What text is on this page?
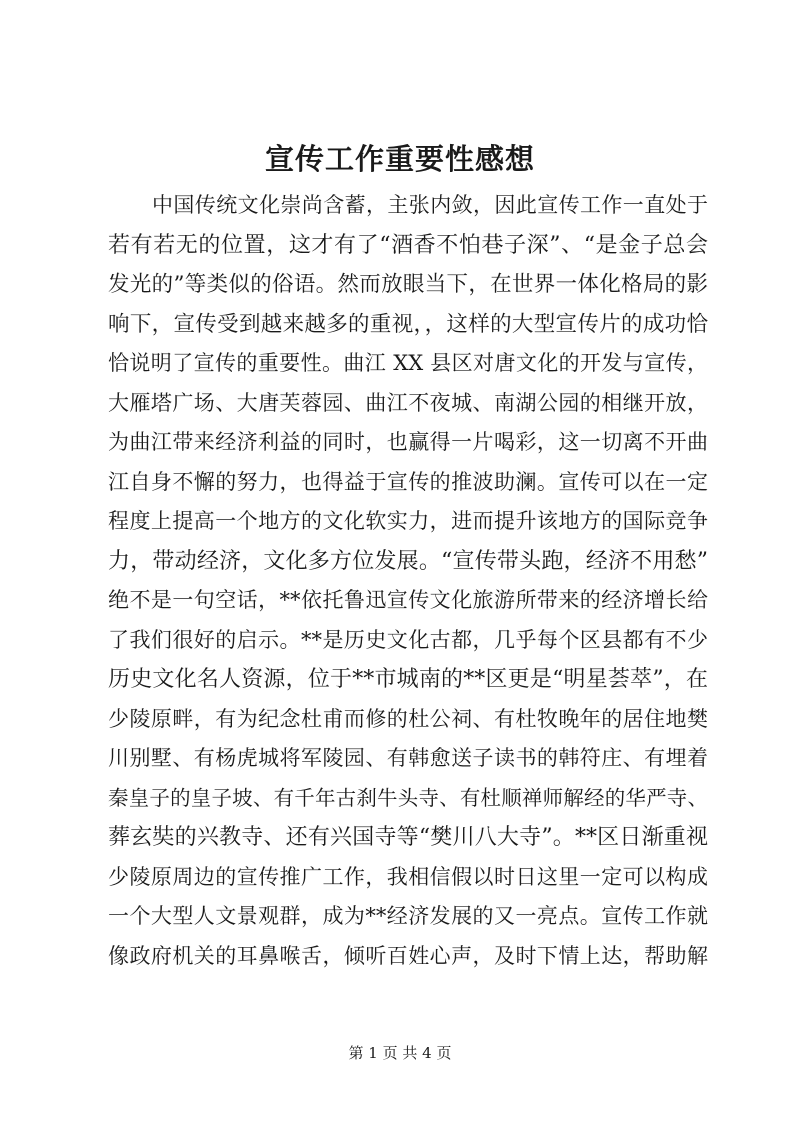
宣传工作重要性感想
中国传统文化崇尚含蓄，主张内敛，因此宣传工作一直处于
若有若无的位置，这才有了“酒香不怕巷子深”、“是金子总会
发光的”等类似的俗语。然而放眼当下，在世界一体化格局的影
响下，宣传受到越来越多的重视，，这样的大型宣传片的成功恰
恰说明了宣传的重要性。曲江 XX 县区对唐文化的开发与宣传，
大雁塔广场、大唐芙蓉园、曲江不夜城、南湖公园的相继开放，
为曲江带来经济利益的同时，也赢得一片喝彩，这一切离不开曲
江自身不懈的努力，也得益于宣传的推波助澜。宣传可以在一定
程度上提高一个地方的文化软实力，进而提升该地方的国际竞争
力，带动经济，文化多方位发展。“宣传带头跑，经济不用愁”
绝不是一句空话，**依托鲁迅宣传文化旅游所带来的经济增长给
了我们很好的启示。**是历史文化古都，几乎每个区县都有不少
历史文化名人资源，位于**市城南的**区更是“明星荟萃”，在
少陵原畔，有为纪念杜甫而修的杜公祠、有杜牧晚年的居住地樊
川别墅、有杨虎城将军陵园、有韩愈送子读书的韩符庄、有埋着
秦皇子的皇子坡、有千年古刹牛头寺、有杜顺禅师解经的华严寺、
葬玄奘的兴教寺、还有兴国寺等“樊川八大寺”。**区日渐重视
少陵原周边的宣传推广工作，我相信假以时日这里一定可以构成
一个大型人文景观群，成为**经济发展的又一亮点。宣传工作就
像政府机关的耳鼻喉舌，倾听百姓心声，及时下情上达，帮助解
第 1 页 共 4 页
